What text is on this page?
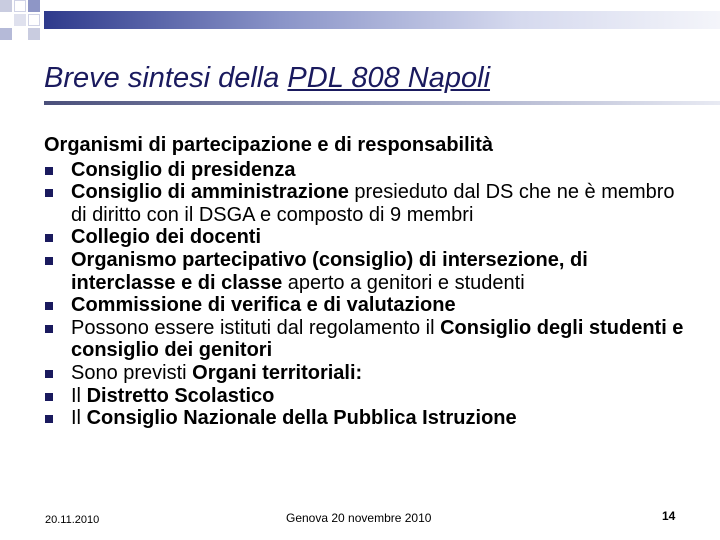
Breve sintesi della PDL 808 Napoli
Organismi di partecipazione e di responsabilità
Consiglio di presidenza
Consiglio di amministrazione presieduto dal DS che ne è membro di diritto con il DSGA e composto di 9 membri
Collegio dei docenti
Organismo partecipativo (consiglio) di intersezione, di interclasse e di classe aperto a genitori e studenti
Commissione di verifica e di valutazione
Possono essere istituti dal regolamento il Consiglio degli studenti e consiglio dei genitori
Sono previsti Organi territoriali:
Il Distretto Scolastico
Il Consiglio Nazionale della Pubblica Istruzione
20.11.2010	Genova 20 novembre 2010	14
